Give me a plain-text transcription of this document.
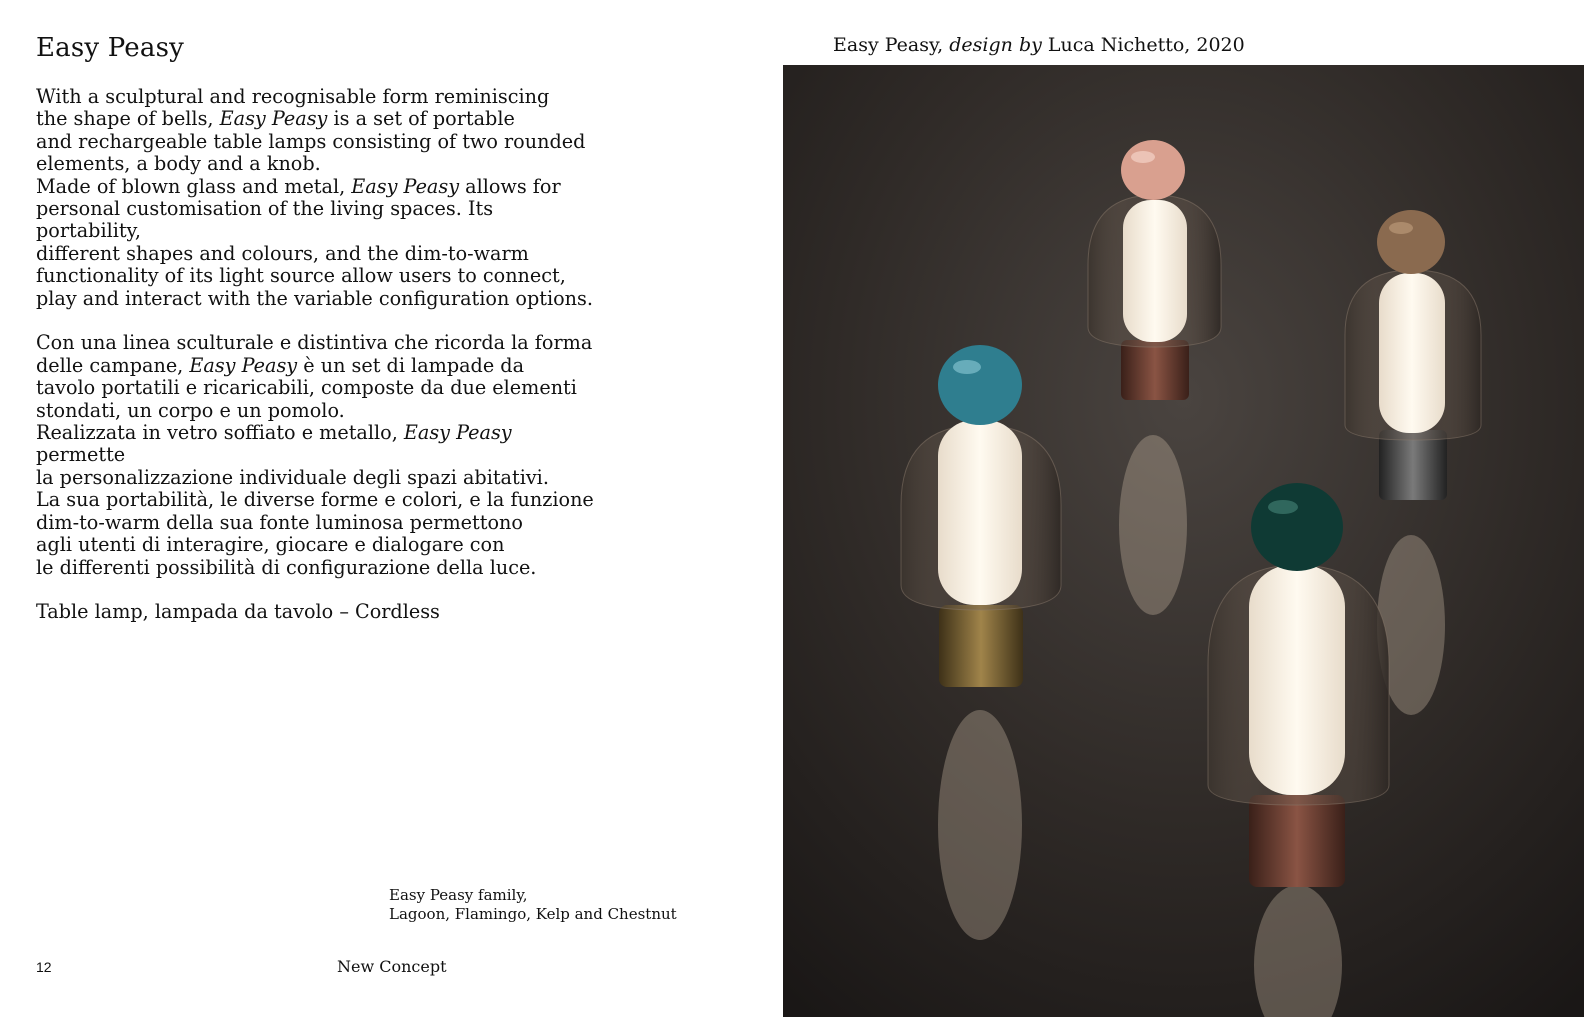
Easy Peasy

With a sculptural and recognisable form reminiscing

the shape of bells, Easy Peasy is a set of portable

and rechargeable table lamps consisting of two rounded

elements, a body and a knob.

Made of blown glass and metal, Easy Peasy allows for

personal customisation of the living spaces. Its portability,

different shapes and colours, and the dim-to-warm

functionality of its light source allow users to connect,

play and interact with the variable configuration options.

Con una linea sculturale e distintiva che ricorda la forma

delle campane, Easy Peasy è un set di lampade da

tavolo portatili e ricaricabili, composte da due elementi

stondati, un corpo e un pomolo.

Realizzata in vetro soffiato e metallo, Easy Peasy permette

la personalizzazione individuale degli spazi abitativi.

La sua portabilità, le diverse forme e colori, e la funzione

dim-to-warm della sua fonte luminosa permettono

agli utenti di interagire, giocare e dialogare con

le differenti possibilità di configurazione della luce.

Table lamp, lampada da tavolo – Cordless

Easy Peasy family,
Lagoon, Flamingo, Kelp and Chestnut
12	New Concept
Easy Peasy, design by Luca Nichetto, 2020
